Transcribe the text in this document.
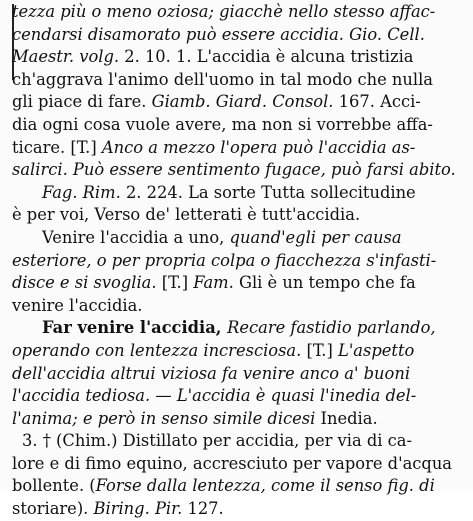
tezza più o meno oziosa; giacchè nello stesso affac-
cendarsi disamorato può essere accidia. Gio. Cell.
Maestr. volg. 2. 10. 1. L'accidia è alcuna tristizia
ch'aggrava l'animo dell'uomo in tal modo che nulla
gli piace di fare. Giamb. Giard. Consol. 167. Acci-
dia ogni cosa vuole avere, ma non si vorrebbe affa-
ticare. [T.] Anco a mezzo l'opera può l'accidia as-
salirci. Può essere sentimento fugace, può farsi abito.
Fag. Rim. 2. 224. La sorte Tutta sollecitudine
è per voi, Verso de' letterati è tutt'accidia.
Venire l'accidia a uno, quand'egli per causa
esteriore, o per propria colpa o fiacchezza s'infasti-
disce e si svoglia. [T.] Fam. Gli è un tempo che fa
venire l'accidia.
Far venire l'accidia, Recare fastidio parlando,
operando con lentezza incresciosa. [T.] L'aspetto
dell'accidia altrui viziosa fa venire anco a' buoni
l'accidia tediosa. — L'accidia è quasi l'inedia del-
l'anima; e però in senso simile dicesi Inedia.
3. † (Chim.) Distillato per accidia, per via di ca-
lore e di fimo equino, accresciuto per vapore d'acqua
bollente. (Forse dalla lentezza, come il senso fig. di
storiare). Biring. Pir. 127.
